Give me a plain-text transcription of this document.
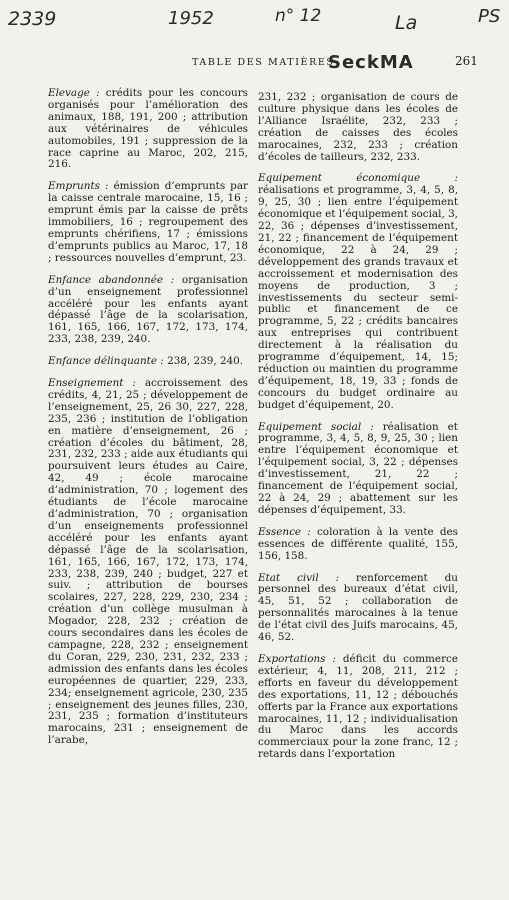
2339	1952	n° 12	La	PS
SeckMA
TABLE DES MATIÈRES	261

Elevage : crédits pour les concours organisés pour l’amélioration des animaux, 188, 191, 200 ; attribution aux vétérinaires de véhicules automobiles, 191 ; suppression de la race caprine au Maroc, 202, 215, 216.

Emprunts : émission d’emprunts par la caisse centrale marocaine, 15, 16 ; emprunt émis par la caisse de prêts immobiliers, 16 ; regroupement des emprunts chérifiens, 17 ; émissions d’emprunts publics au Maroc, 17, 18 ; ressources nouvelles d’emprunt, 23.

Enfance abandonnée : organisation d’un enseignement professionnel accéléré pour les enfants ayant dépassé l’âge de la scolarisation, 161, 165, 166, 167, 172, 173, 174, 233, 238, 239, 240.

Enfance délinquante : 238, 239, 240.

Enseignement : accroissement des crédits, 4, 21, 25 ; développement de l’enseignement, 25, 26 30, 227, 228, 235, 236 ; institution de l’obligation en matière d’enseignement, 26 ; création d’écoles du bâtiment, 28, 231, 232, 233 ; aide aux étudiants qui poursuivent leurs études au Caire, 42, 49 ; école marocaine d’administration, 70 ; logement des étudiants de l’école marocaine d’administration, 70 ; organisation d’un enseignements professionnel accéléré pour les enfants ayant dépassé l’âge de la scolarisation, 161, 165, 166, 167, 172, 173, 174, 233, 238, 239, 240 ; budget, 227 et suiv. ; attribution de bourses scolaires, 227, 228, 229, 230, 234 ; création d’un collège musulman à Mogador, 228, 232 ; création de cours secondaires dans les écoles de campagne, 228, 232 ; enseignement du Coran, 229, 230, 231, 232, 233 ; admission des enfants dans les écoles européennes de quartier, 229, 233, 234; enseignement agricole, 230, 235 ; enseignement des jeunes filles, 230, 231, 235 ; formation d’instituteurs marocains, 231 ; enseignement de l’arabe,

231, 232 ; organisation de cours de culture physique dans les écoles de l’Alliance Israélite, 232, 233 ; création de caisses des écoles marocaines, 232, 233 ; création d’écoles de tailleurs, 232, 233.

Equipement économique : réalisations et programme, 3, 4, 5, 8, 9, 25, 30 ; lien entre l’équipement économique et l’équipement social, 3, 22, 36 ; dépenses d’investissement, 21, 22 ; financement de l’équipement économique, 22 à 24, 29 ; développement des grands travaux et accroissement et modernisation des moyens de production, 3 ; investissements du secteur semi-public et financement de ce programme, 5, 22 ; crédits bancaires aux entreprises qui contribuent directement à la réalisation du programme d’équipement, 14, 15; réduction ou maintien du programme d’équipement, 18, 19, 33 ; fonds de concours du budget ordinaire au budget d’équipement, 20.

Equipement social : réalisation et programme, 3, 4, 5, 8, 9, 25, 30 ; lien entre l’équipement économique et l’équipement social, 3, 22 ; dépenses d’investissement, 21, 22 ; financement de l’équipement social, 22 à 24, 29 ; abattement sur les dépenses d’équipement, 33.

Essence : coloration à la vente des essences de différente qualité, 155, 156, 158.

Etat civil : renforcement du personnel des bureaux d’état civil, 45, 51, 52 ; collaboration de personnalités marocaines à la tenue de l’état civil des Juifs marocains, 45, 46, 52.

Exportations : déficit du commerce extérieur, 4, 11, 208, 211, 212 ; efforts en faveur du développement des exportations, 11, 12 ; débouchés offerts par la France aux exportations marocaines, 11, 12 ; individualisation du Maroc dans les accords commerciaux pour la zone franc, 12 ; retards dans l’exportation
